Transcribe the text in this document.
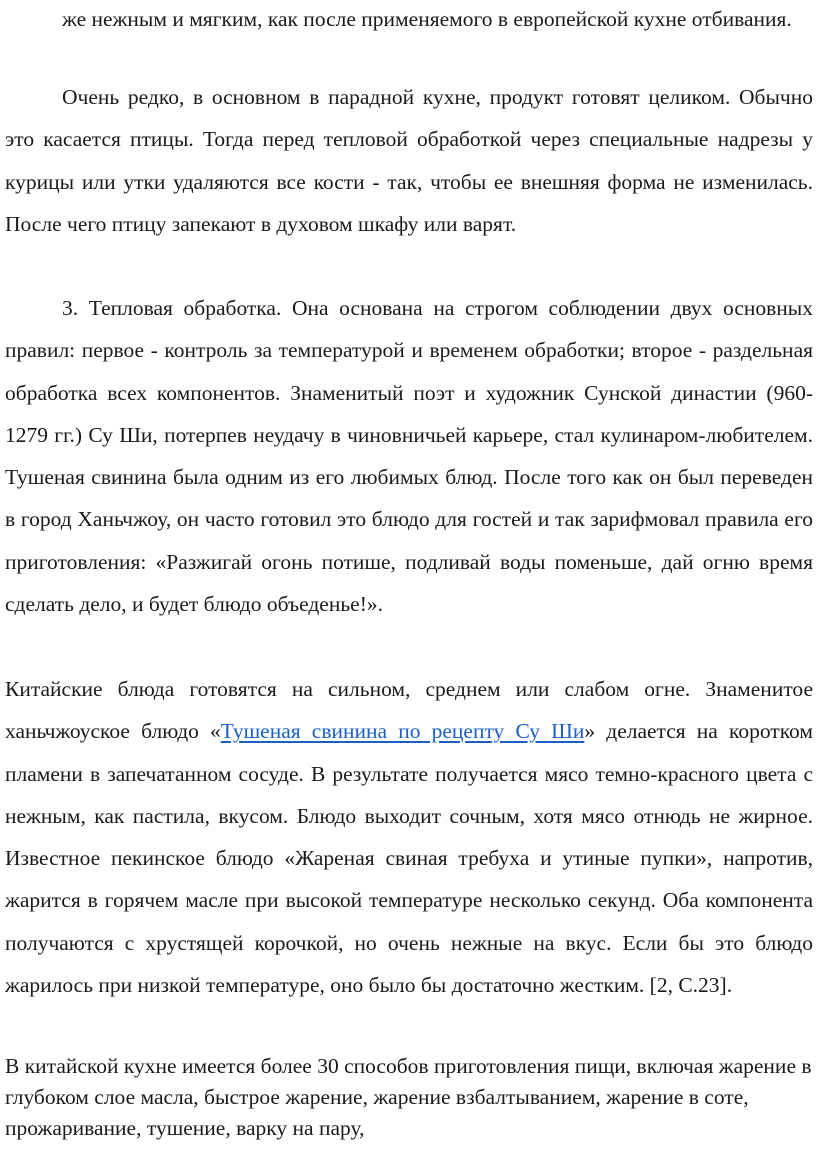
же нежным и мягким, как после применяемого в европейской кухне отбивания.

Очень редко, в основном в парадной кухне, продукт готовят целиком. Обычно это касается птицы. Тогда перед тепловой обработкой через специальные надрезы у курицы или утки удаляются все кости - так, чтобы ее внешняя форма не изменилась. После чего птицу запекают в духовом шкафу или варят.

3. Тепловая обработка. Она основана на строгом соблюдении двух основных правил: первое - контроль за температурой и временем обработки; второе - раздельная обработка всех компонентов. Знаменитый поэт и художник Сунской династии (960-1279 гг.) Су Ши, потерпев неудачу в чиновничьей карьере, стал кулинаром-любителем. Тушеная свинина была одним из его любимых блюд. После того как он был переведен в город Ханьчжоу, он часто готовил это блюдо для гостей и так зарифмовал правила его приготовления: «Разжигай огонь потише, подливай воды поменьше, дай огню время сделать дело, и будет блюдо объеденье!».

Китайские блюда готовятся на сильном, среднем или слабом огне. Знаменитое ханьчжоуское блюдо «Тушеная свинина по рецепту Су Ши» делается на коротком пламени в запечатанном сосуде. В результате получается мясо темно-красного цвета с нежным, как пастила, вкусом. Блюдо выходит сочным, хотя мясо отнюдь не жирное. Известное пекинское блюдо «Жареная свиная требуха и утиные пупки», напротив, жарится в горячем масле при высокой температуре несколько секунд. Оба компонента получаются с хрустящей корочкой, но очень нежные на вкус. Если бы это блюдо жарилось при низкой температуре, оно было бы достаточно жестким. [2, С.23].

В китайской кухне имеется более 30 способов приготовления пищи, включая жарение в глубоком слое масла, быстрое жарение, жарение взбалтыванием, жарение в соте, прожаривание, тушение, варку на пару,
